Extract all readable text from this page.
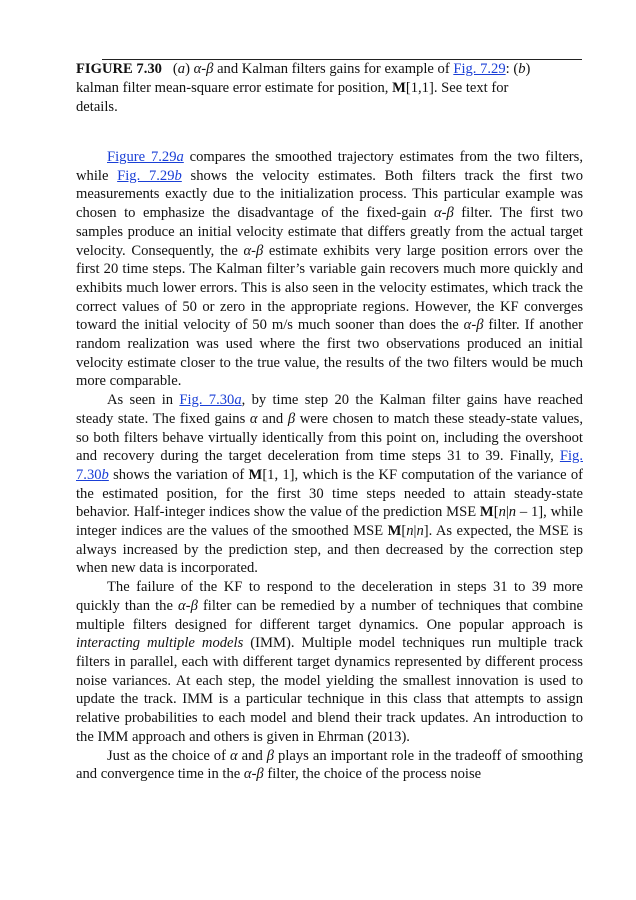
FIGURE 7.30 (a) α-β and Kalman filters gains for example of Fig. 7.29: (b) kalman filter mean-square error estimate for position, M[1,1]. See text for details.

Figure 7.29a compares the smoothed trajectory estimates from the two filters, while Fig. 7.29b shows the velocity estimates. Both filters track the first two measurements exactly due to the initialization process. This particular example was chosen to emphasize the disadvantage of the fixed-gain α-β filter. The first two samples produce an initial velocity estimate that differs greatly from the actual target velocity. Consequently, the α-β estimate exhibits very large position errors over the first 20 time steps. The Kalman filter’s variable gain recovers much more quickly and exhibits much lower errors. This is also seen in the velocity estimates, which track the correct values of 50 or zero in the appropriate regions. However, the KF converges toward the initial velocity of 50 m/s much sooner than does the α-β filter. If another random realization was used where the first two observations produced an initial velocity estimate closer to the true value, the results of the two filters would be much more comparable.

As seen in Fig. 7.30a, by time step 20 the Kalman filter gains have reached steady state. The fixed gains α and β were chosen to match these steady-state values, so both filters behave virtually identically from this point on, including the overshoot and recovery during the target deceleration from time steps 31 to 39. Finally, Fig. 7.30b shows the variation of M[1, 1], which is the KF computation of the variance of the estimated position, for the first 30 time steps needed to attain steady-state behavior. Half-integer indices show the value of the prediction MSE M[n|n – 1], while integer indices are the values of the smoothed MSE M[n|n]. As expected, the MSE is always increased by the prediction step, and then decreased by the correction step when new data is incorporated.

The failure of the KF to respond to the deceleration in steps 31 to 39 more quickly than the α-β filter can be remedied by a number of techniques that combine multiple filters designed for different target dynamics. One popular approach is interacting multiple models (IMM). Multiple model techniques run multiple track filters in parallel, each with different target dynamics represented by different process noise variances. At each step, the model yielding the smallest innovation is used to update the track. IMM is a particular technique in this class that attempts to assign relative probabilities to each model and blend their track updates. An introduction to the IMM approach and others is given in Ehrman (2013).

Just as the choice of α and β plays an important role in the tradeoff of smoothing and convergence time in the α-β filter, the choice of the process noise
